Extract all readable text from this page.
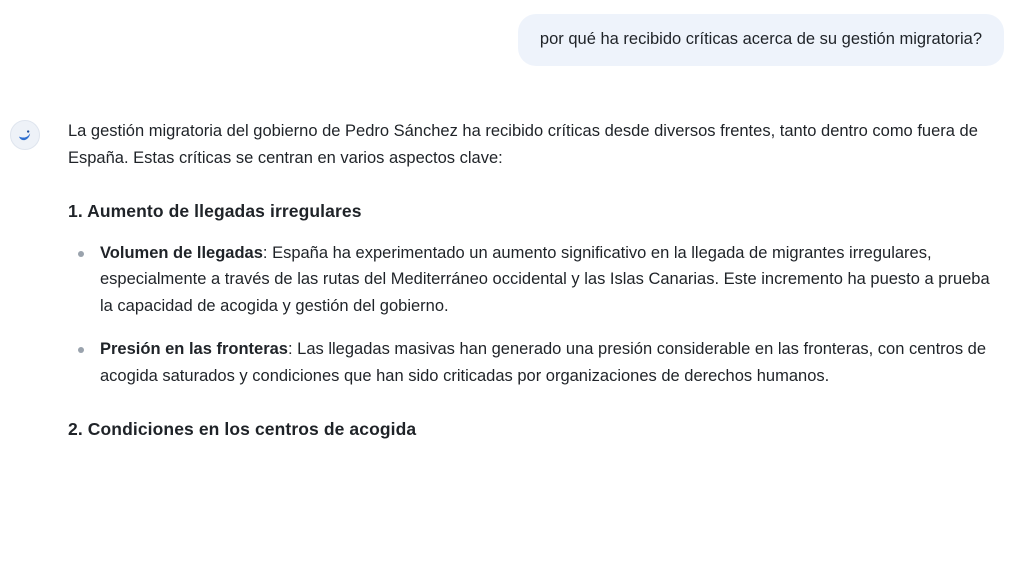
por qué ha recibido críticas acerca de su gestión migratoria?

La gestión migratoria del gobierno de Pedro Sánchez ha recibido críticas desde diversos frentes, tanto dentro como fuera de España. Estas críticas se centran en varios aspectos clave:

1. Aumento de llegadas irregulares
Volumen de llegadas: España ha experimentado un aumento significativo en la llegada de migrantes irregulares, especialmente a través de las rutas del Mediterráneo occidental y las Islas Canarias. Este incremento ha puesto a prueba la capacidad de acogida y gestión del gobierno.
Presión en las fronteras: Las llegadas masivas han generado una presión considerable en las fronteras, con centros de acogida saturados y condiciones que han sido criticadas por organizaciones de derechos humanos.
2. Condiciones en los centros de acogida
